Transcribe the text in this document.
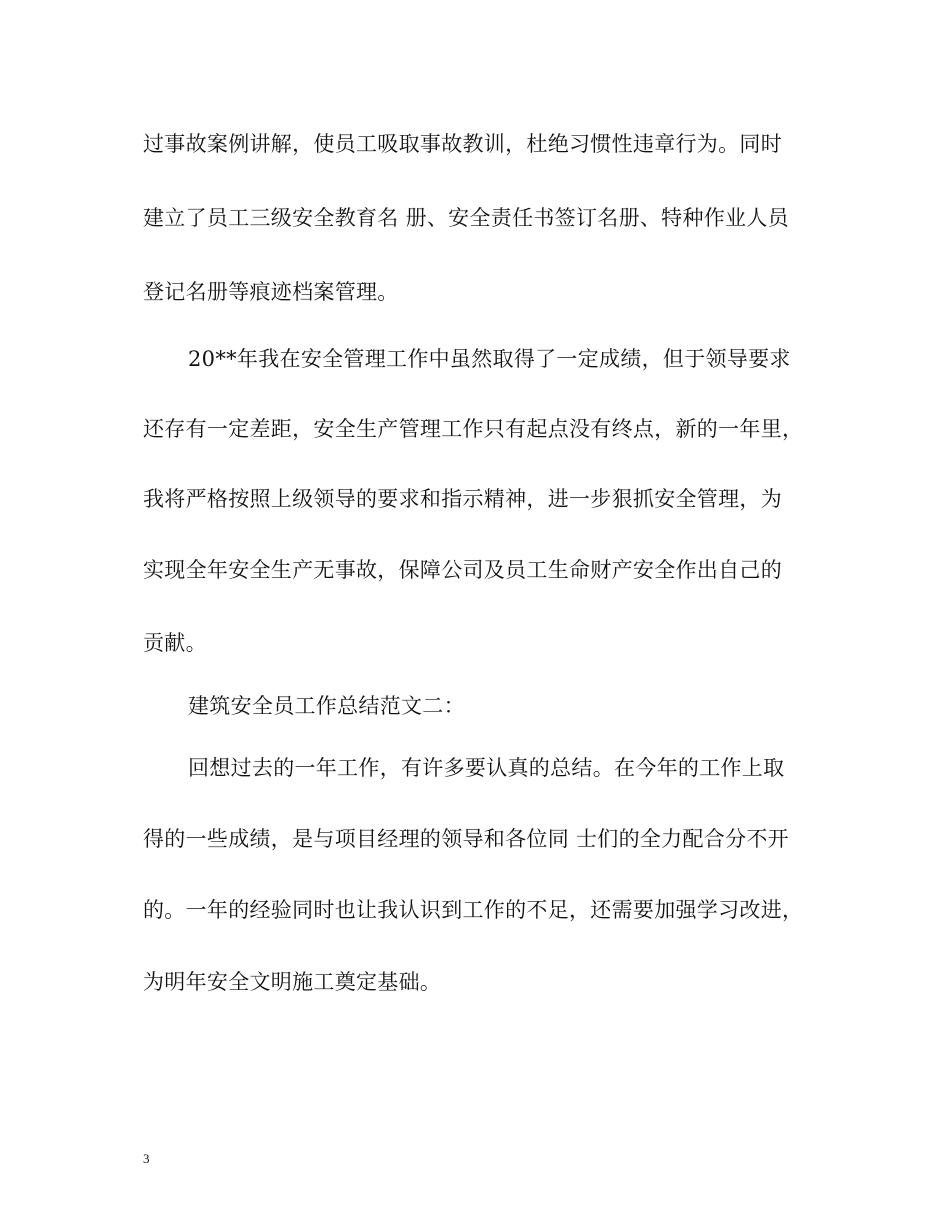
过事故案例讲解，使员工吸取事故教训，杜绝习惯性违章行为。同时
建立了员工三级安全教育名 册、安全责任书签订名册、特种作业人员
登记名册等痕迹档案管理。
20**年我在安全管理工作中虽然取得了一定成绩，但于领导要求
还存有一定差距，安全生产管理工作只有起点没有终点，新的一年里，
我将严格按照上级领导的要求和指示精神，进一步狠抓安全管理，为
实现全年安全生产无事故，保障公司及员工生命财产安全作出自己的
贡献。
建筑安全员工作总结范文二：
回想过去的一年工作，有许多要认真的总结。在今年的工作上取
得的一些成绩，是与项目经理的领导和各位同 士们的全力配合分不开
的。一年的经验同时也让我认识到工作的不足，还需要加强学习改进，
为明年安全文明施工奠定基础。
3
